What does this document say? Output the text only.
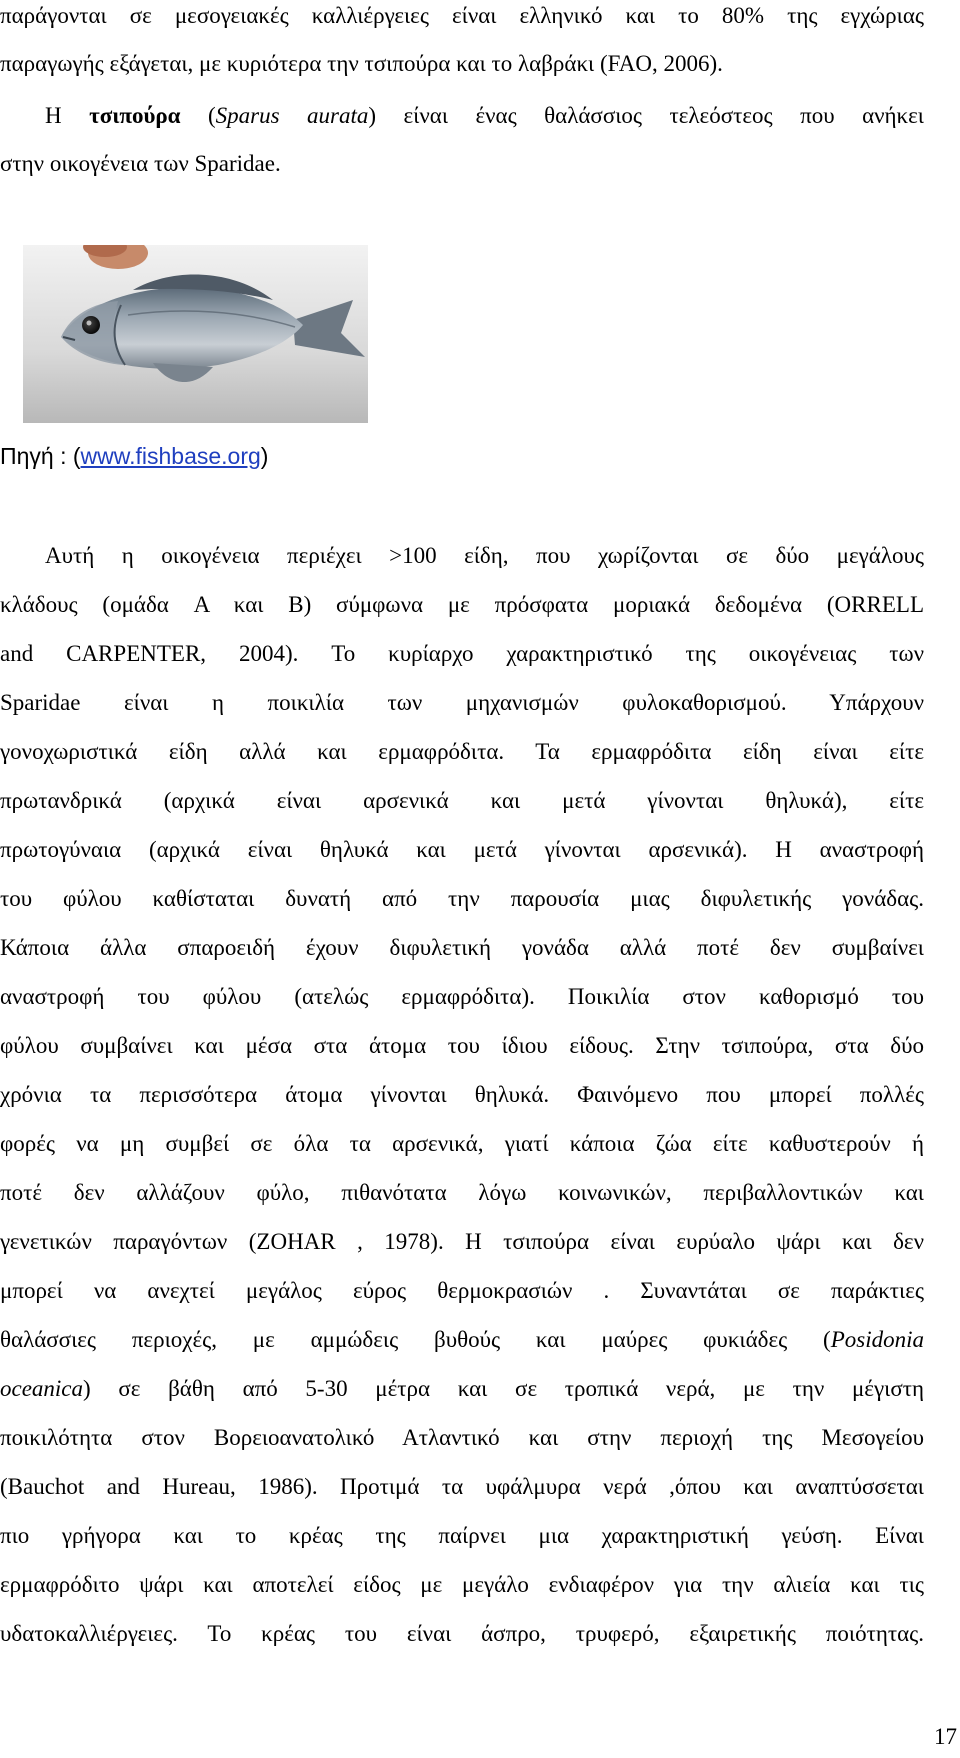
παράγονται σε μεσογειακές καλλιέργειες είναι ελληνικό και το 80% της εγχώριας
παραγωγής εξάγεται, με κυριότερα την τσιπούρα και το λαβράκι (FAO, 2006).
Η τσιπούρα (Sparus aurata) είναι ένας θαλάσσιος τελεόστεος που ανήκει
στην οικογένεια των Sparidae.
Πηγή : (www.fishbase.org)
Αυτή η οικογένεια περιέχει >100 είδη, που χωρίζονται σε δύο μεγάλους
κλάδους (ομάδα A και B) σύμφωνα με πρόσφατα μοριακά δεδομένα (ORRELL
and CARPENTER, 2004). Το κυρίαρχο χαρακτηριστικό της οικογένειας των
Sparidae είναι η ποικιλία των μηχανισμών φυλοκαθορισμού. Υπάρχουν
γονοχωριστικά είδη αλλά και ερμαφρόδιτα. Τα ερμαφρόδιτα είδη είναι είτε
πρωτανδρικά (αρχικά είναι αρσενικά και μετά γίνονται θηλυκά), είτε
πρωτογύναια (αρχικά είναι θηλυκά και μετά γίνονται αρσενικά). Η αναστροφή
του φύλου καθίσταται δυνατή από την παρουσία μιας διφυλετικής γονάδας.
Κάποια άλλα σπαροειδή έχουν διφυλετική γονάδα αλλά ποτέ δεν συμβαίνει
αναστροφή του φύλου (ατελώς ερμαφρόδιτα). Ποικιλία στον καθορισμό του
φύλου συμβαίνει και μέσα στα άτομα του ίδιου είδους. Στην τσιπούρα, στα δύο
χρόνια τα περισσότερα άτομα γίνονται θηλυκά. Φαινόμενο που μπορεί πολλές
φορές να μη συμβεί σε όλα τα αρσενικά, γιατί κάποια ζώα είτε καθυστερούν ή
ποτέ δεν αλλάζουν φύλο, πιθανότατα λόγω κοινωνικών, περιβαλλοντικών και
γενετικών παραγόντων (ZOHAR , 1978). Η τσιπούρα είναι ευρύαλο ψάρι και δεν
μπορεί να ανεχτεί μεγάλος εύρος θερμοκρασιών . Συναντάται σε παράκτιες
θαλάσσιες περιοχές, με αμμώδεις βυθούς και μαύρες φυκιάδες (Posidonia
oceanica) σε βάθη από 5-30 μέτρα και σε τροπικά νερά, με την μέγιστη
ποικιλότητα στον Βορειοανατολικό Ατλαντικό και στην περιοχή της Μεσογείου
(Bauchot and Hureau, 1986). Προτιμά τα υφάλμυρα νερά ,όπου και αναπτύσσεται
πιο γρήγορα και το κρέας της παίρνει μια χαρακτηριστική γεύση. Είναι
ερμαφρόδιτο ψάρι και αποτελεί είδος με μεγάλο ενδιαφέρον για την αλιεία και τις
υδατοκαλλιέργειες. Το κρέας του είναι άσπρο, τρυφερό, εξαιρετικής ποιότητας.
17
